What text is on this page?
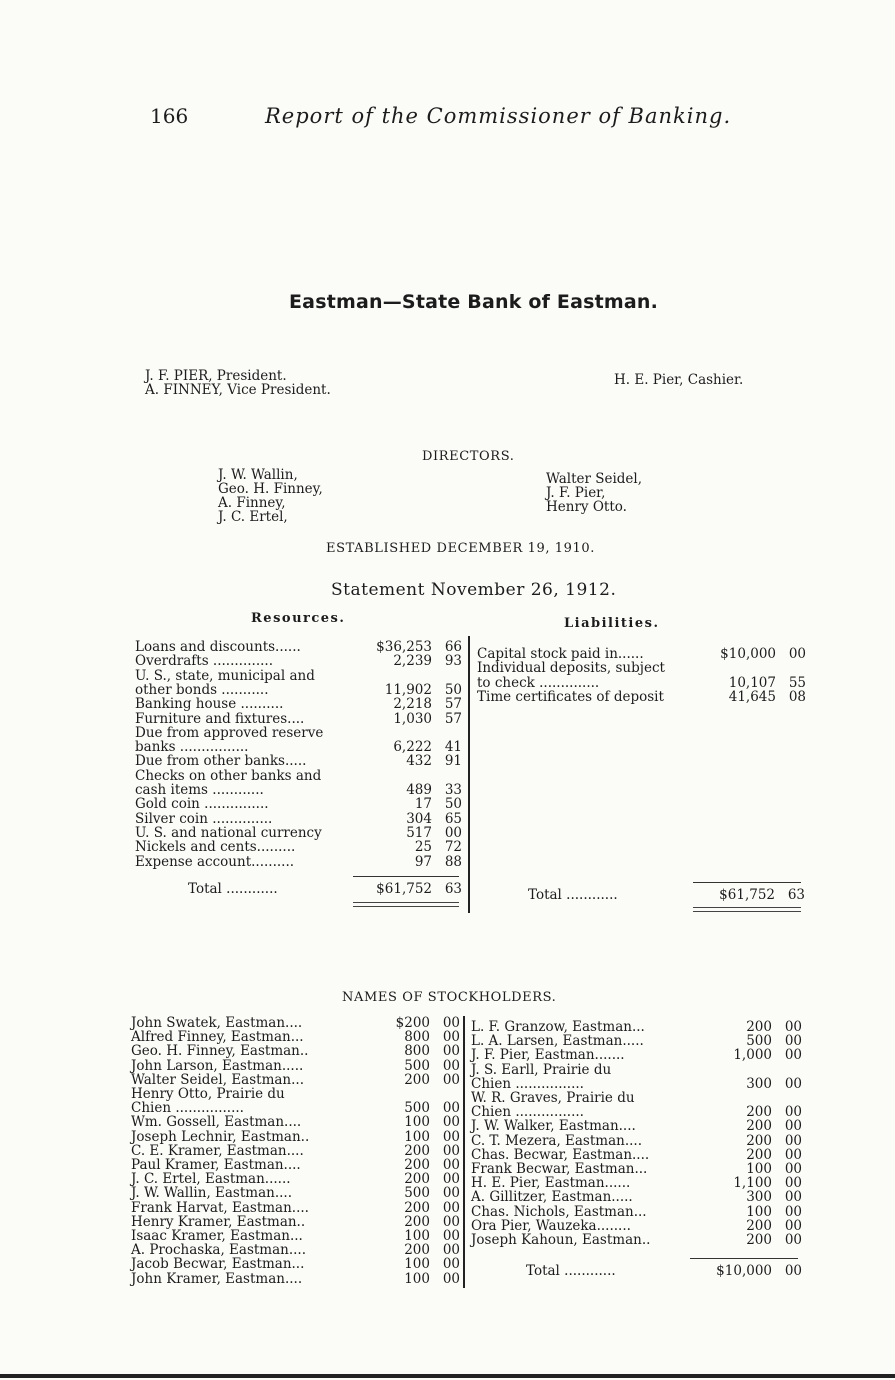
166	Report of the Commissioner of Banking.
Eastman—State Bank of Eastman.
J. F. PIER, President.
A. FINNEY, Vice President.
H. E. Pier, Cashier.
DIRECTORS.
J. W. Wallin,
Geo. H. Finney,
A. Finney,
J. C. Ertel,
Walter Seidel,
J. F. Pier,
Henry Otto.
ESTABLISHED DECEMBER 19, 1910.
Statement November 26, 1912.
Resources.	Liabilities.
Loans and discounts......	$36,253 66
Overdrafts ..............	2,239 93
U. S., state, municipal and
other bonds ...........	11,902 50
Banking house ..........	2,218 57
Furniture and fixtures....	1,030 57
Due from approved reserve
banks ................	6,222 41
Due from other banks.....	432 91
Checks on other banks and
cash items ............	489 33
Gold coin ...............	17 50
Silver coin ..............	304 65
U. S. and national currency	517 00
Nickels and cents.........	25 72
Expense account..........	97 88
Capital stock paid in......	$10,000 00
Individual deposits, subject
to check ..............	10,107 55
Time certificates of deposit	41,645 08
Total ............	$61,752 63	Total ............	$61,752 63
NAMES OF STOCKHOLDERS.
John Swatek, Eastman....	$200 00
Alfred Finney, Eastman...	800 00
Geo. H. Finney, Eastman..	800 00
John Larson, Eastman.....	500 00
Walter Seidel, Eastman...	200 00
Henry Otto, Prairie du
Chien ................	500 00
Wm. Gossell, Eastman....	100 00
Joseph Lechnir, Eastman..	100 00
C. E. Kramer, Eastman....	200 00
Paul Kramer, Eastman....	200 00
J. C. Ertel, Eastman......	200 00
J. W. Wallin, Eastman....	500 00
Frank Harvat, Eastman....	200 00
Henry Kramer, Eastman..	200 00
Isaac Kramer, Eastman...	100 00
A. Prochaska, Eastman....	200 00
Jacob Becwar, Eastman...	100 00
John Kramer, Eastman....	100 00
L. F. Granzow, Eastman...	200 00
L. A. Larsen, Eastman.....	500 00
J. F. Pier, Eastman.......	1,000 00
J. S. Earll, Prairie du
Chien ................	300 00
W. R. Graves, Prairie du
Chien ................	200 00
J. W. Walker, Eastman....	200 00
C. T. Mezera, Eastman....	200 00
Chas. Becwar, Eastman....	200 00
Frank Becwar, Eastman...	100 00
H. E. Pier, Eastman......	1,100 00
A. Gillitzer, Eastman.....	300 00
Chas. Nichols, Eastman...	100 00
Ora Pier, Wauzeka........	200 00
Joseph Kahoun, Eastman..	200 00
Total ............	$10,000 00
